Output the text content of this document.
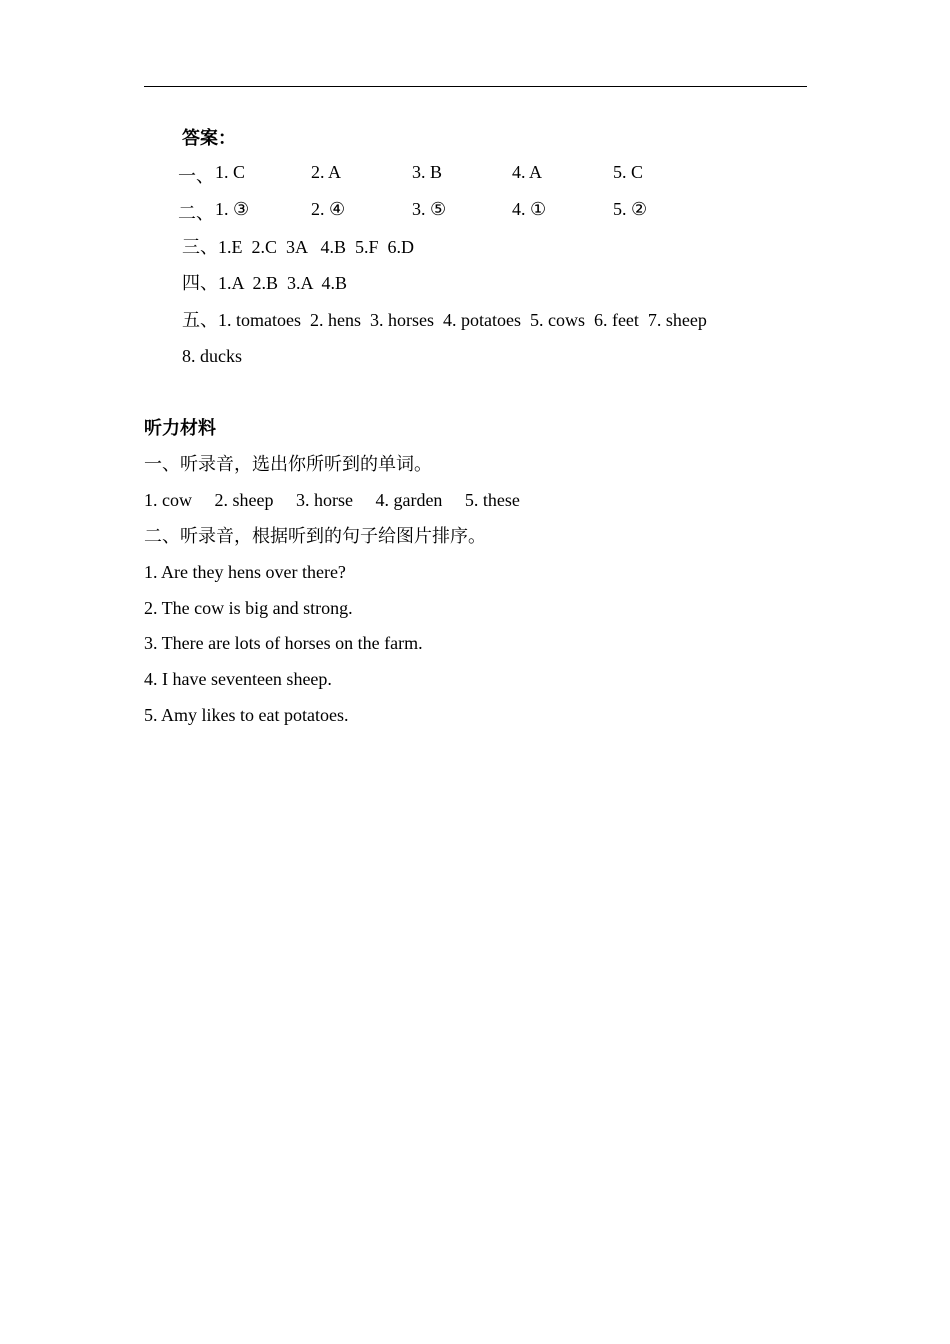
答案：
一、 1. C	2. A	3. B	4. A	5. C
二、 1. ③	2. ④	3. ⑤	4. ①	5. ②
三、1.E  2.C  3A   4.B  5.F  6.D
四、1.A  2.B  3.A  4.B
五、1. tomatoes  2. hens  3. horses  4. potatoes  5. cows  6. feet  7. sheep
8. ducks
听力材料
一、听录音，选出你所听到的单词。
1. cow     2. sheep     3. horse     4. garden     5. these
二、听录音，根据听到的句子给图片排序。
1. Are they hens over there?
2. The cow is big and strong.
3. There are lots of horses on the farm.
4. I have seventeen sheep.
5. Amy likes to eat potatoes.
